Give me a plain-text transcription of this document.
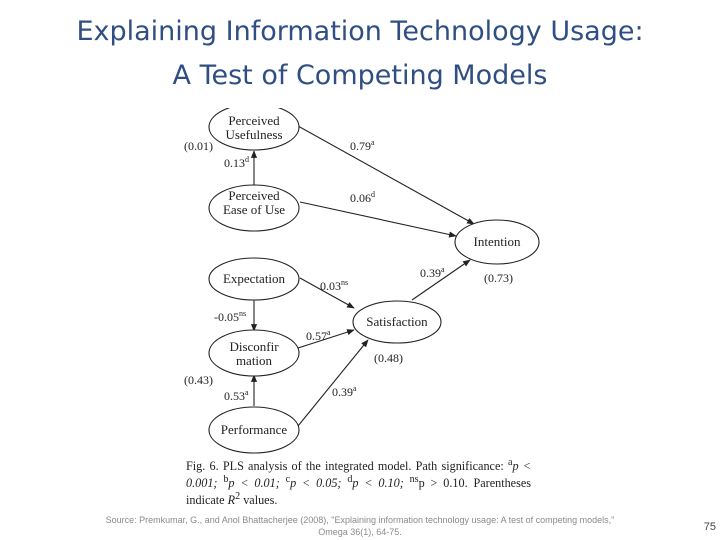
Explaining Information Technology Usage:
A Test of Competing Models
Perceived
Usefulness
Perceived
Ease of Use
Intention
Expectation
Satisfaction
Disconfir
mation
Performance
(0.01)
0.13$^d$
0.79$^a$
0.06$^d$
0.39$^a$
(0.73)
$0.03^{ns}$
$-0.05^{ns}$
0.57$^a$
(0.48)
(0.43)
0.53$^a$	0.39$^a$
Fig. 6. PLS analysis of the integrated model. Path significance: $^a$p < 0.001; $^b$p < 0.01; $^c$p < 0.05; $^d$p < 0.10; $^{ns}$p > 0.10. Parentheses indicate $R^2$ values.
Source: Premkumar, G., and Anol Bhattacherjee (2008), "Explaining information technology usage: A test of competing models,"
Omega 36(1), 64-75.	75
